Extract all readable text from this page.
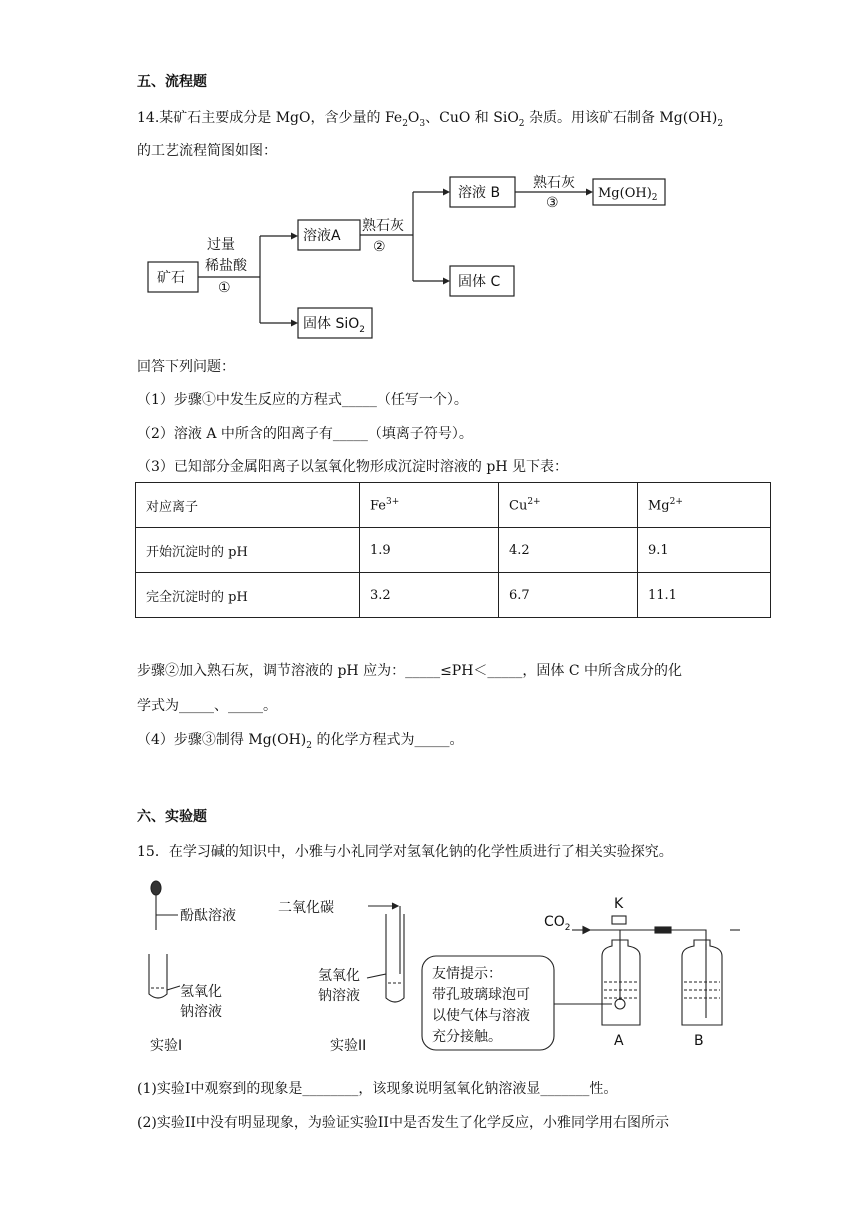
五、流程题
14.某矿石主要成分是 MgO，含少量的 $Fe_2O_3$、CuO 和 SiO$_2$ 杂质。用该矿石制备 $Mg(OH)_2$
的工艺流程简图如图：
矿石
过量
稀盐酸
①
溶液A
固体 SiO$_2$
熟石灰
②
溶液 B
熟石灰
③
固体 C
$Mg(OH)_2$
回答下列问题：
（1）步骤①中发生反应的方程式_____（任写一个）。
（2）溶液 A 中所含的阳离子有_____（填离子符号）。
（3）已知部分金属阳离子以氢氧化物形成沉淀时溶液的 pH 见下表：
对应离子	$Fe^{3+}$	$Cu^{2+}$	$Mg^{2+}$
开始沉淀时的 pH	1.9	4.2	9.1
完全沉淀时的 pH	3.2	6.7	11.1
步骤②加入熟石灰，调节溶液的 pH 应为：_____≤PH＜_____，固体 C 中所含成分的化
学式为_____、_____。
（4）步骤③制得 $Mg(OH)_2$ 的化学方程式为_____。
六、实验题
15．在学习碱的知识中，小雅与小礼同学对氢氧化钠的化学性质进行了相关实验探究。
酚酞溶液
氢氧化
钠溶液
实验I
二氧化碳
氢氧化
钠溶液
实验II
$CO_2$
K
友情提示：
带孔玻璃球泡可
以使气体与溶液
充分接触。	A	B
(1)实验I中观察到的现象是________，该现象说明氢氧化钠溶液显_______性。
(2)实验II中没有明显现象，为验证实验II中是否发生了化学反应，小雅同学用右图所示
